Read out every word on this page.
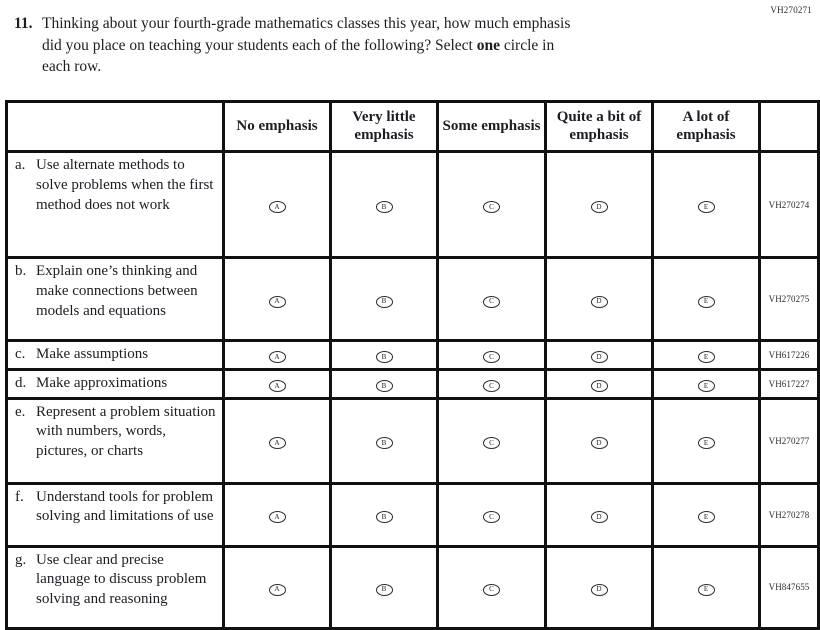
VH270271
11. Thinking about your fourth-grade mathematics classes this year, how much emphasis
did you place on teaching your students each of the following? Select one circle in
each row.
	No emphasis	Very little emphasis	Some emphasis	Quite a bit of emphasis	A lot of emphasis	

a. Use alternate methods to solve problems when the first method does not work	A	B	C	D	E	VH270274

b. Explain one’s thinking and make connections between models and equations	A	B	C	D	E	VH270275

c. Make assumptions	A	B	C	D	E	VH617226

d. Make approximations	A	B	C	D	E	VH617227

e. Represent a problem situation with numbers, words, pictures, or charts	A	B	C	D	E	VH270277

f. Understand tools for problem solving and limitations of use	A	B	C	D	E	VH270278

g. Use clear and precise language to discuss problem solving and reasoning	A	B	C	D	E	VH847655
